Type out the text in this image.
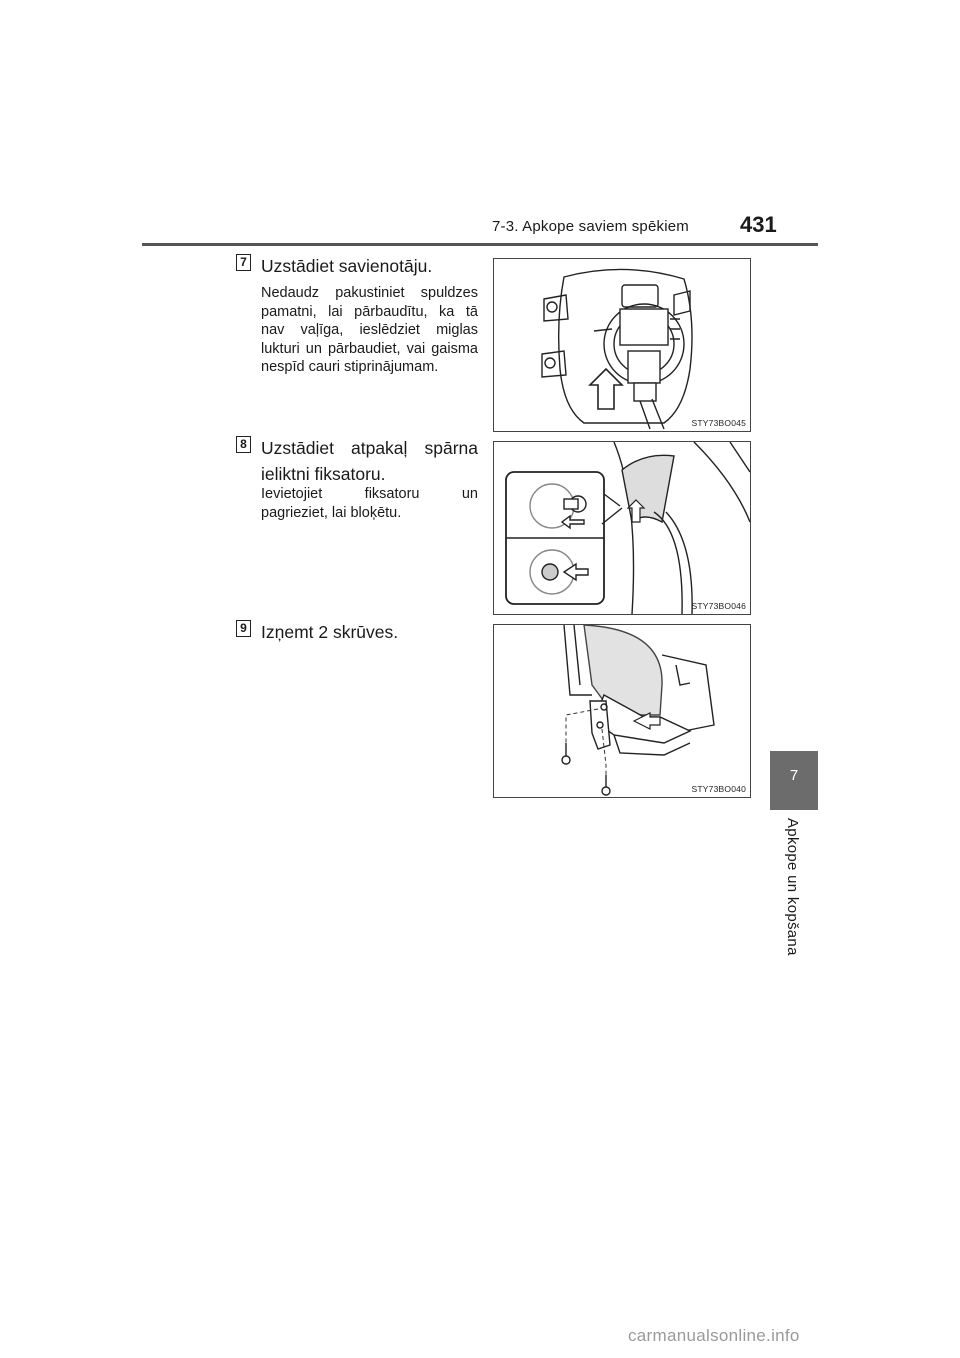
7-3. Apkope saviem spēkiem 431
7
Apkope un kopšana
7 Uzstādiet savienotāju.
Nedaudz pakustiniet spuldzes
pamatni, lai pārbaudītu, ka tā
nav vaļīga, ieslēdziet miglas
lukturi un pārbaudiet, vai gaisma
nespīd cauri stiprinājumam.
STY73BO045
8 Uzstādiet atpakaļ spārna
ieliktni fiksatoru.
Ievietojiet fiksatoru un
pagrieziet, lai bloķētu.
STY73BO046
9 Izņemt 2 skrūves.
STY73BO040
carmanualsonline.info
